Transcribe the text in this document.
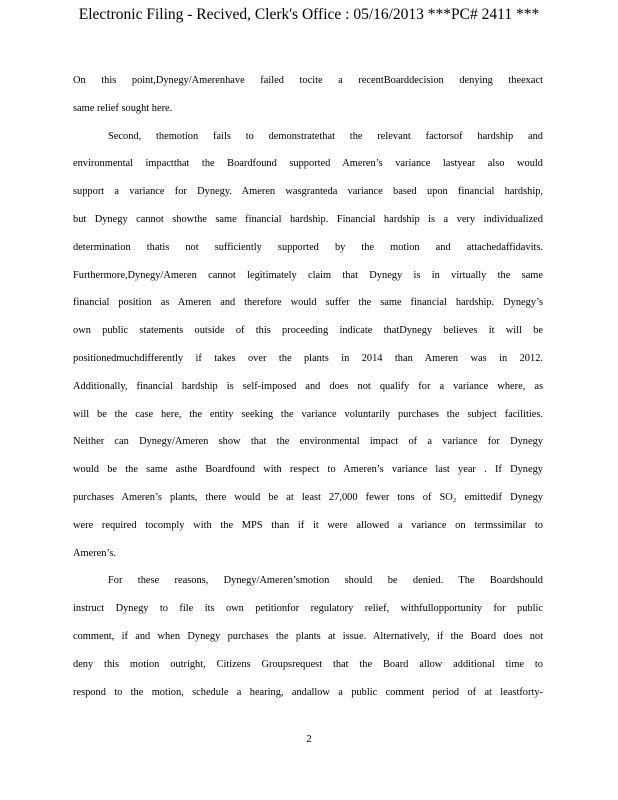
Electronic Filing - Recived, Clerk's Office : 05/16/2013 ***PC# 2411 ***
On this point,Dynegy/Amerenhave failed tocite a recentBoarddecision denying theexact
same relief sought here.
Second, themotion fails to demonstratethat the relevant factorsof hardship and
environmental impactthat the Boardfound supported Ameren’s variance lastyear also would
support a variance for Dynegy. Ameren wasgranteda variance based upon financial hardship,
but Dynegy cannot showthe same financial hardship. Financial hardship is a very individualized
determination thatis not sufficiently supported by the motion and attachedaffidavits.
Furthermore,Dynegy/Ameren cannot legitimately claim that Dynegy is in virtually the same
financial position as Ameren and therefore would suffer the same financial hardship. Dynegy’s
own public statements outside of this proceeding indicate thatDynegy believes it will be
positionedmuchdifferently if takes over the plants in 2014 than Ameren was in 2012.
Additionally, financial hardship is self-imposed and does not qualify for a variance where, as
will be the case here, the entity seeking the variance voluntarily purchases the subject facilities.
Neither can Dynegy/Ameren show that the environmental impact of a variance for Dynegy
would be the same asthe Boardfound with respect to Ameren’s variance last year . If Dynegy
purchases Ameren’s plants, there would be at least 27,000 fewer tons of SO₂ emittedif Dynegy
were required tocomply with the MPS than if it were allowed a variance on termssimilar to
Ameren’s.
For these reasons, Dynegy/Ameren’smotion should be denied. The Boardshould
instruct Dynegy to file its own petitionfor regulatory relief, withfullopportunity for public
comment, if and when Dynegy purchases the plants at issue. Alternatively, if the Board does not
deny this motion outright, Citizens Groupsrequest that the Board allow additional time to
respond to the motion, schedule a hearing, andallow a public comment period of at leastforty-
2
